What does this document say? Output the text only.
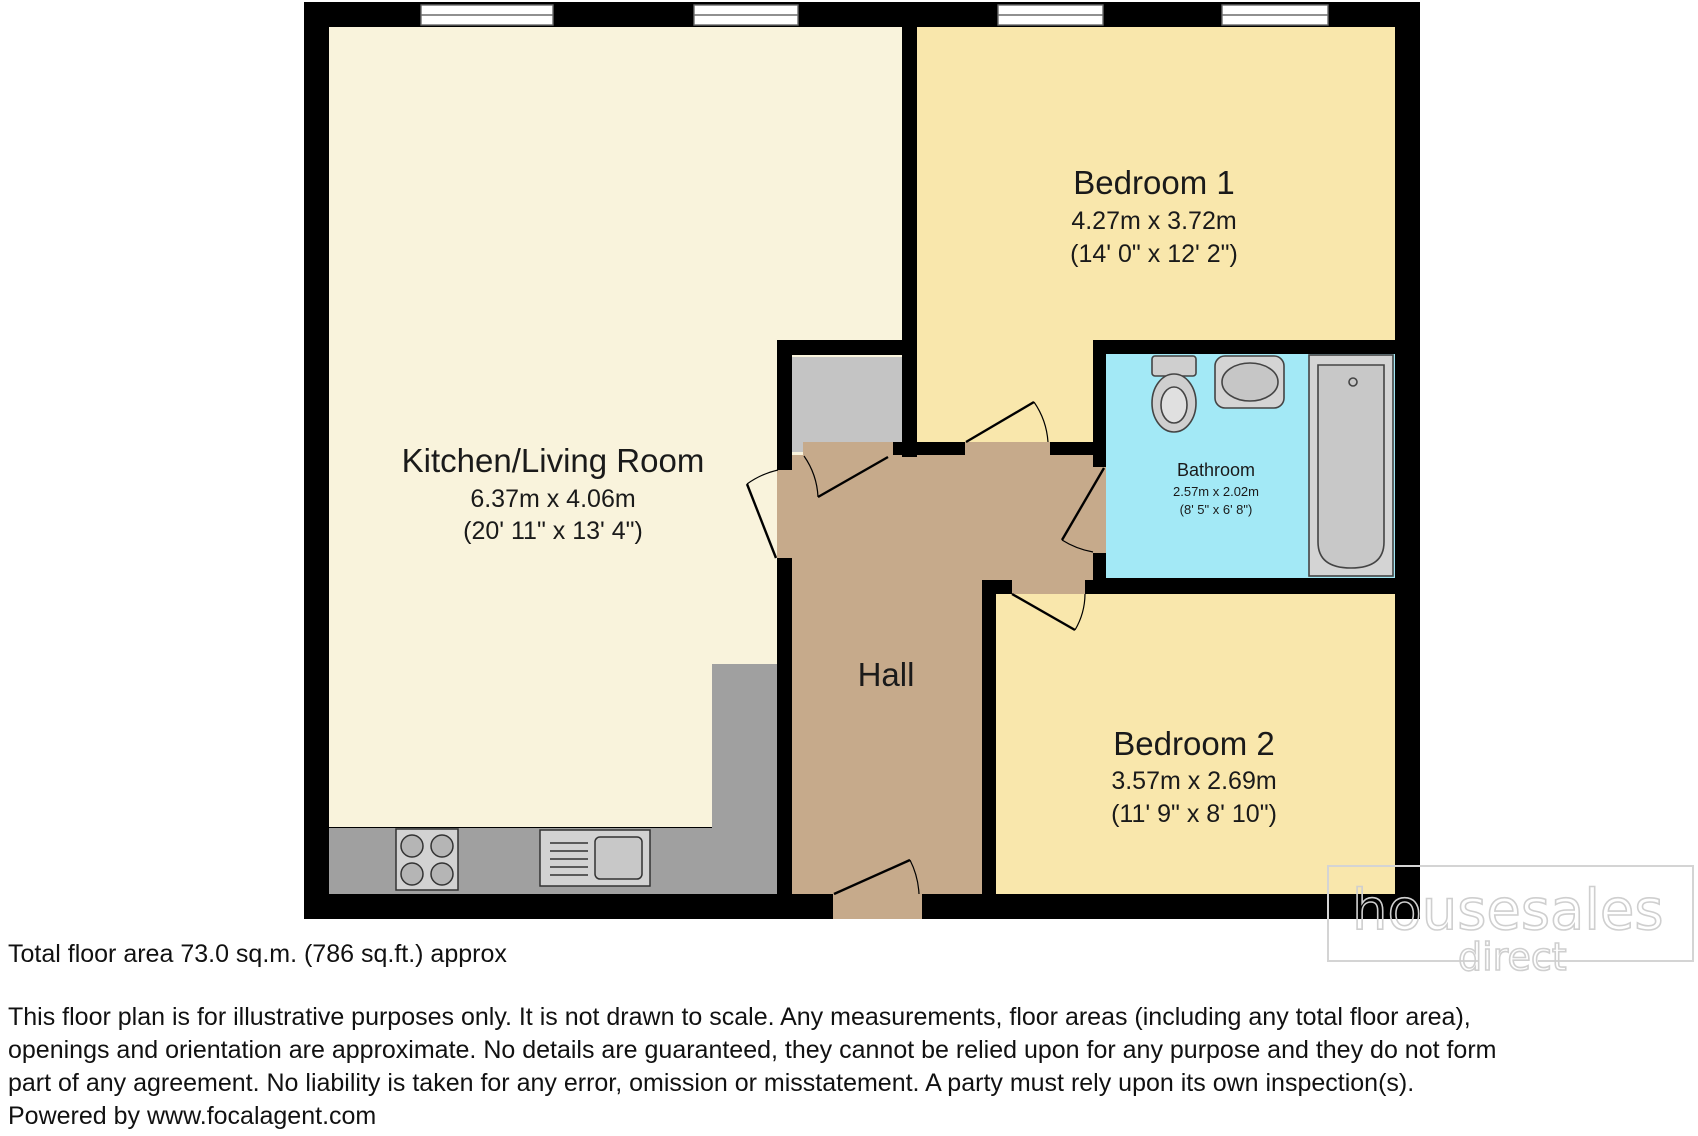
housesales
direct
Kitchen/Living Room
6.37m x 4.06m
(20' 11" x 13' 4")
Bedroom 1
4.27m x 3.72m
(14' 0" x 12' 2")
Bathroom
2.57m x 2.02m
(8' 5" x 6' 8")
Hall
Bedroom 2
3.57m x 2.69m
(11' 9" x 8' 10")
Total floor area 73.0 sq.m. (786 sq.ft.) approx
This floor plan is for illustrative purposes only. It is not drawn to scale. Any measurements, floor areas (including any total floor area),
openings and orientation are approximate. No details are guaranteed, they cannot be relied upon for any purpose and they do not form
part of any agreement. No liability is taken for any error, omission or misstatement. A party must rely upon its own inspection(s).
Powered by www.focalagent.com
